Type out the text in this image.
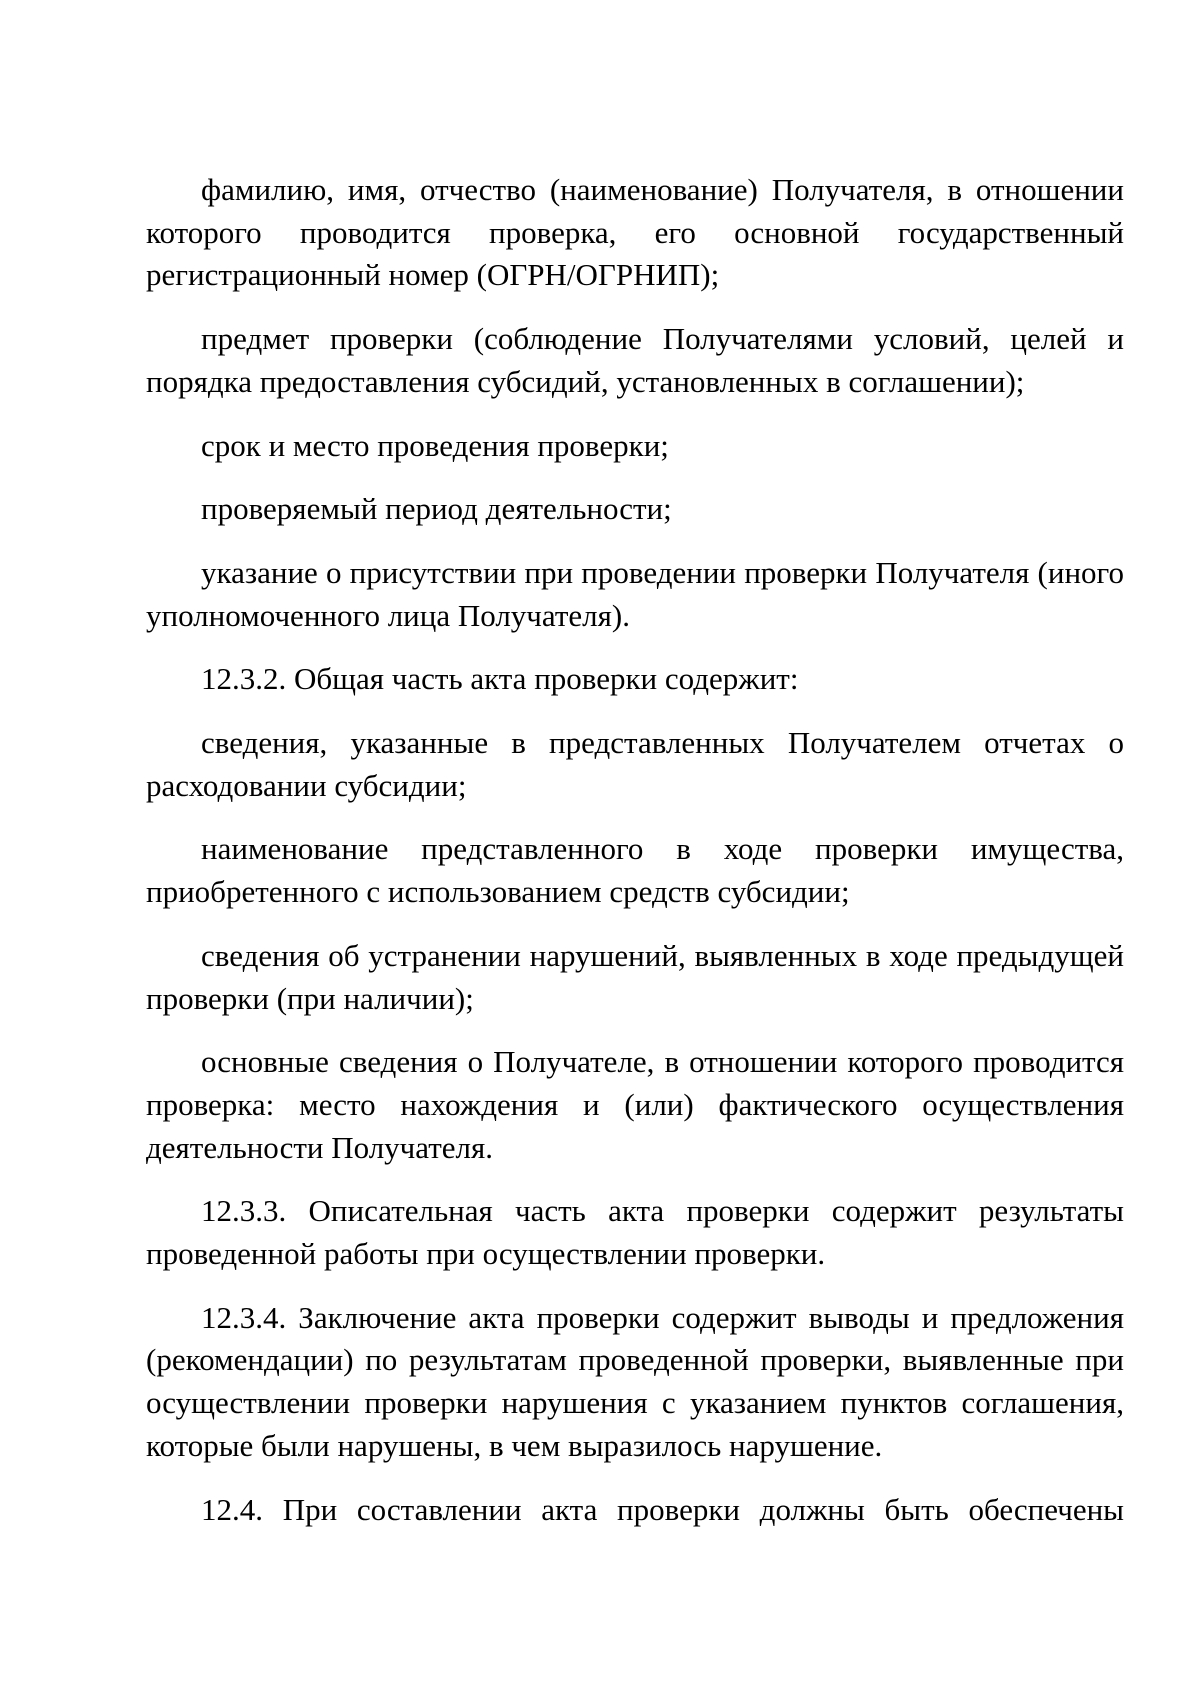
фамилию, имя, отчество (наименование) Получателя, в отношении которого проводится проверка, его основной государственный регистрационный номер (ОГРН/ОГРНИП);

предмет проверки (соблюдение Получателями условий, целей и порядка предоставления субсидий, установленных в соглашении);

срок и место проведения проверки;

проверяемый период деятельности;

указание о присутствии при проведении проверки Получателя (иного уполномоченного лица Получателя).

12.3.2. Общая часть акта проверки содержит:

сведения, указанные в представленных Получателем отчетах о расходовании субсидии;

наименование представленного в ходе проверки имущества, приобретенного с использованием средств субсидии;

сведения об устранении нарушений, выявленных в ходе предыдущей проверки (при наличии);

основные сведения о Получателе, в отношении которого проводится проверка: место нахождения и (или) фактического осуществления деятельности Получателя.

12.3.3. Описательная часть акта проверки содержит результаты проведенной работы при осуществлении проверки.

12.3.4. Заключение акта проверки содержит выводы и предложения (рекомендации) по результатам проведенной проверки, выявленные при осуществлении проверки нарушения с указанием пунктов соглашения, которые были нарушены, в чем выразилось нарушение.

12.4. При составлении акта проверки должны быть обеспечены
